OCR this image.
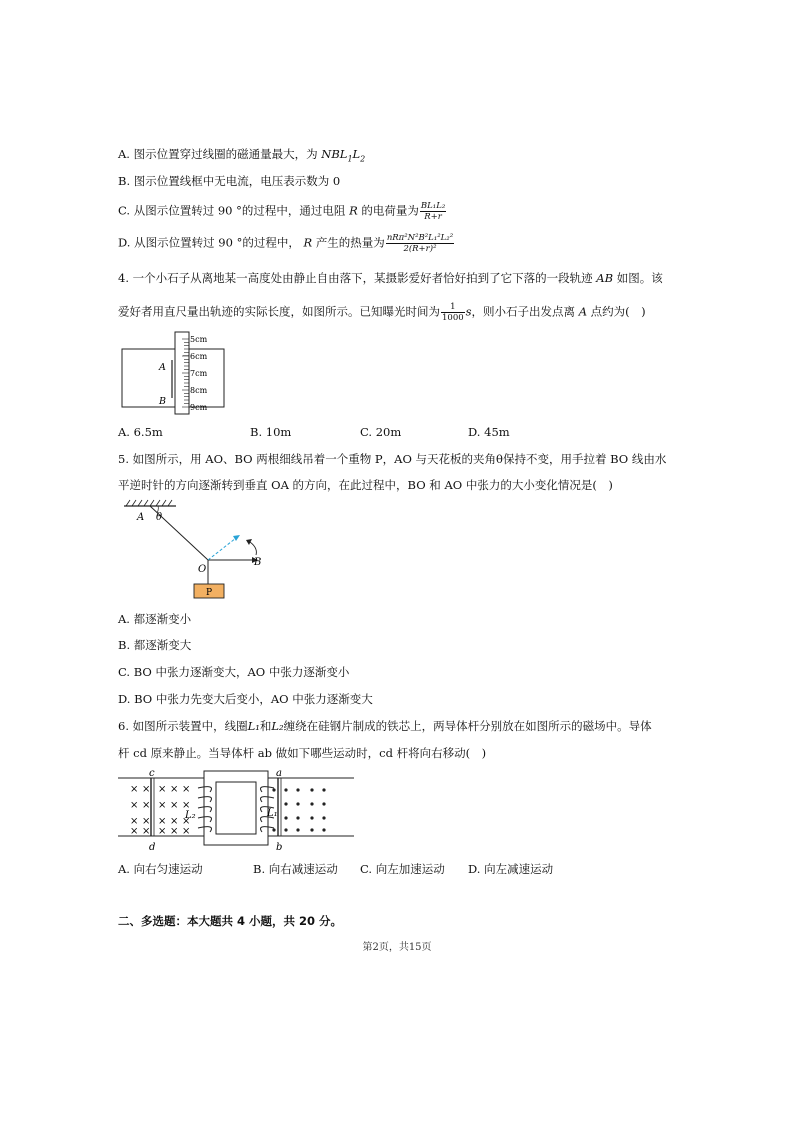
A. 图示位置穿过线圈的磁通量最大，为 $NBL_1L_2$
B. 图示位置线框中无电流，电压表示数为 0
C. 从图示位置转过 90 °的过程中，通过电阻 R 的电荷量为 $\frac{\text{BL₁L₂}}{R+r}$
D. 从图示位置转过 90 °的过程中， R 产生的热量为 $\frac{\text{nRπ²N²B²L₁²L₂²}}{\text{2(R+r)²}}$
4. 一个小石子从离地某一高度处由静止自由落下，某摄影爱好者恰好拍到了它下落的一段轨迹 AB 如图。该
爱好者用直尺量出轨迹的实际长度，如图所示。已知曝光时间为 $\frac{1}{1000}$ s，则小石子出发点离 A 点约为(　)
5cm
6cm
7cm
8cm
9cm
A
B
A. 6.5m	B. 10m	C. 20m	D. 45m
5. 如图所示，用 AO、BO 两根细线吊着一个重物 P，AO 与天花板的夹角θ保持不变，用手拉着 BO 线由水
平逆时针的方向逐渐转到垂直 OA 的方向，在此过程中，BO 和 AO 中张力的大小变化情况是(　)
A θ
O
B
P
A. 都逐渐变小
B. 都逐渐变大
C. BO 中张力逐渐变大，AO 中张力逐渐变小
D. BO 中张力先变大后变小，AO 中张力逐渐变大
6. 如图所示装置中，线圈L₁和L₂缠绕在硅钢片制成的铁芯上，两导体杆分别放在如图所示的磁场中。导体
杆 cd 原来静止。当导体杆 ab 做如下哪些运动时，cd 杆将向右移动(　)
× × × × ×
× × × × ×
× × × × ×
× × × × ×
c
d
a
b
L₂	L₁
A. 向右匀速运动	B. 向右减速运动 C. 向左加速运动 D. 向左减速运动
二、多选题：本大题共 4 小题，共 20 分。
第2页，共15页
